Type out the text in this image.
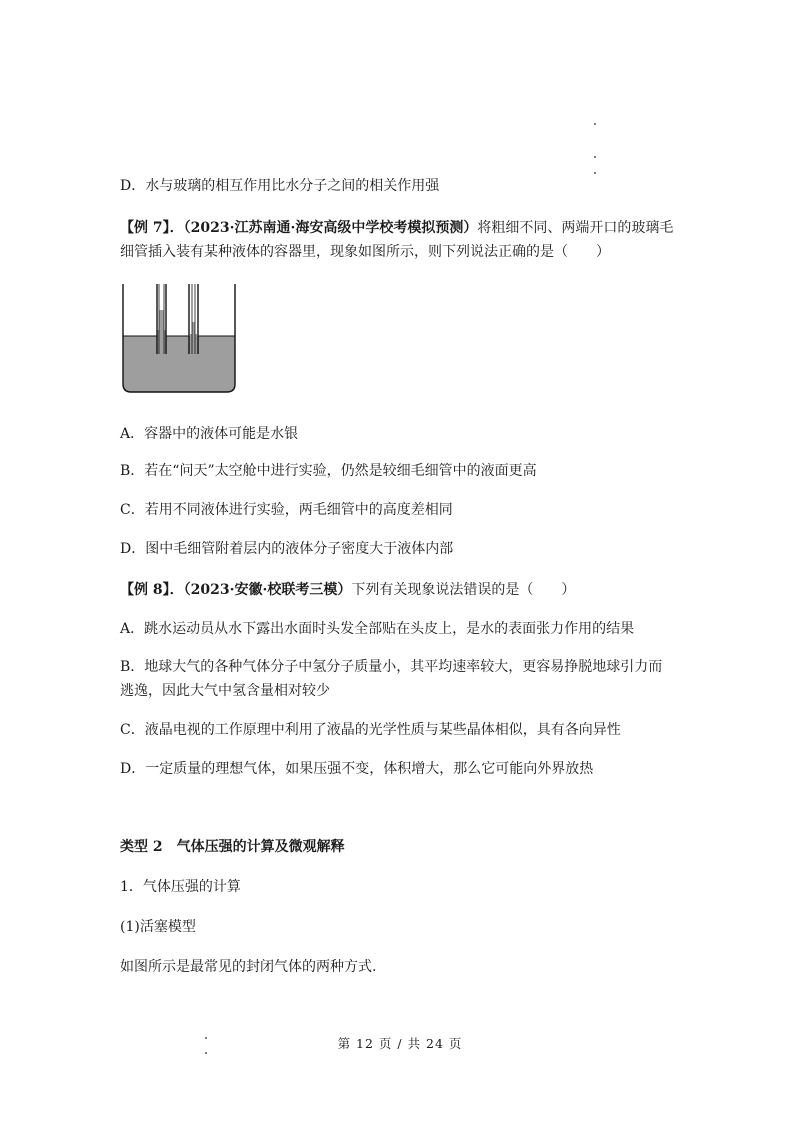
D．水与玻璃的相互作用比水分子之间的相关作用强
【例 7】．（2023·江苏南通·海安高级中学校考模拟预测）将粗细不同、两端开口的玻璃毛
细管插入装有某种液体的容器里，现象如图所示，则下列说法正确的是（　　）
A．容器中的液体可能是水银
B．若在“问天”太空舱中进行实验，仍然是较细毛细管中的液面更高
C．若用不同液体进行实验，两毛细管中的高度差相同
D．图中毛细管附着层内的液体分子密度大于液体内部
【例 8】．（2023·安徽·校联考三模）下列有关现象说法错误的是（　　）
A．跳水运动员从水下露出水面时头发全部贴在头皮上，是水的表面张力作用的结果
B．地球大气的各种气体分子中氢分子质量小，其平均速率较大，更容易挣脱地球引力而
逃逸，因此大气中氢含量相对较少
C．液晶电视的工作原理中利用了液晶的光学性质与某些晶体相似，具有各向异性
D．一定质量的理想气体，如果压强不变，体积增大，那么它可能向外界放热
类型 2　气体压强的计算及微观解释
1．气体压强的计算
(1)活塞模型
如图所示是最常见的封闭气体的两种方式.
第 12 页 / 共 24 页
